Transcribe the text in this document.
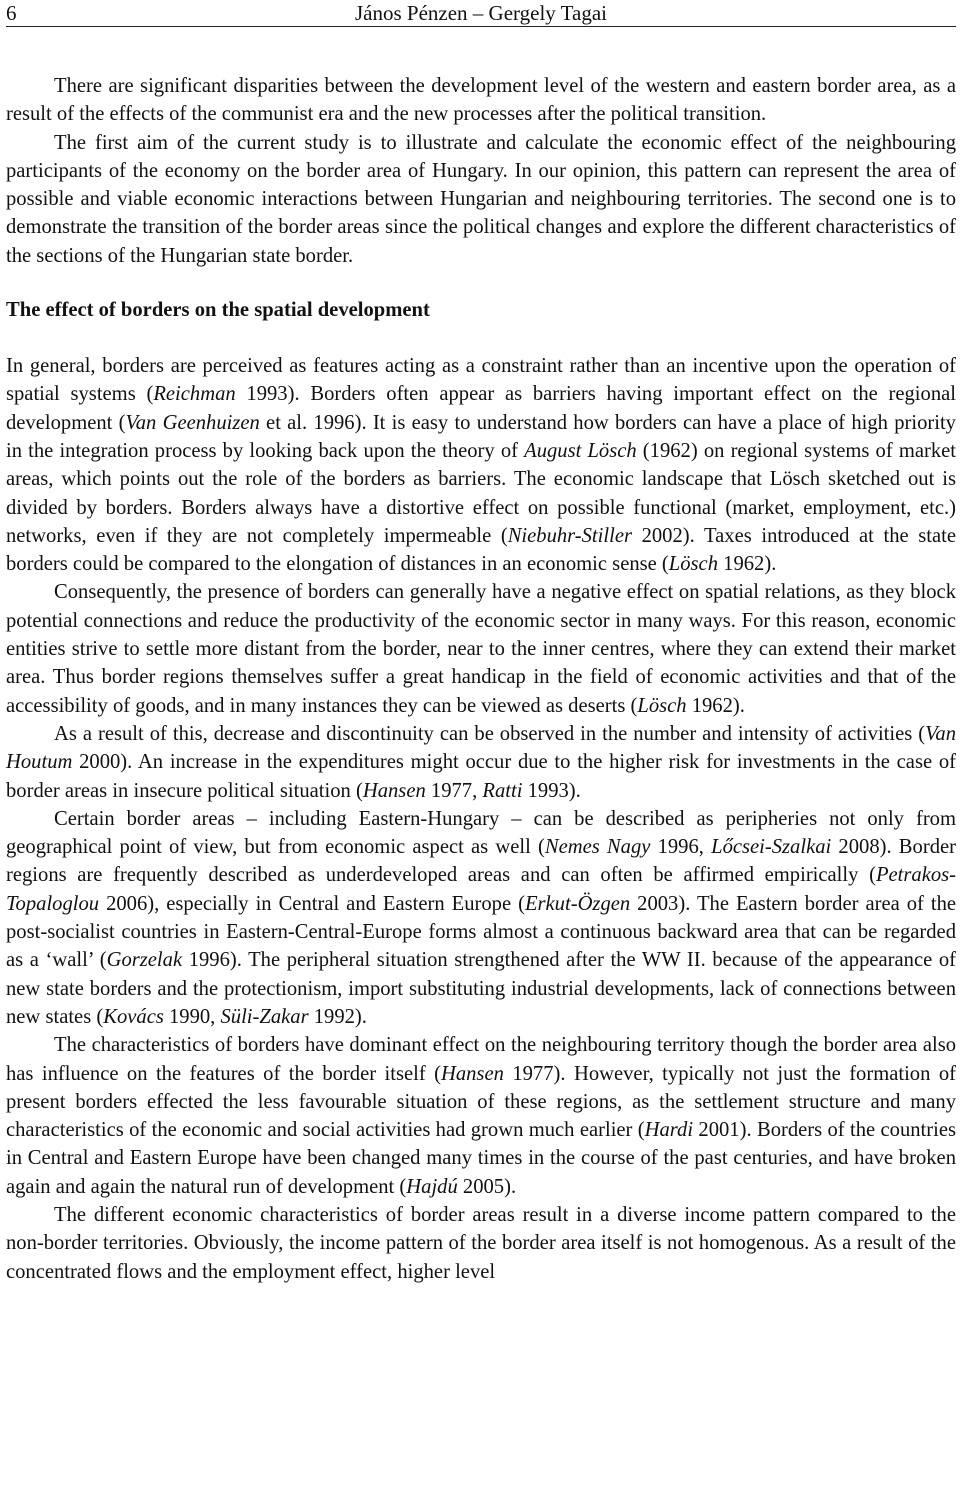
6	János Pénzen – Gergely Tagai

There are significant disparities between the development level of the western and eastern border area, as a result of the effects of the communist era and the new processes after the political transition.

The first aim of the current study is to illustrate and calculate the economic effect of the neighbouring participants of the economy on the border area of Hungary. In our opinion, this pattern can represent the area of possible and viable economic interactions between Hungarian and neighbouring territories. The second one is to demonstrate the transition of the border areas since the political changes and explore the different characteristics of the sections of the Hungarian state border.

The effect of borders on the spatial development

In general, borders are perceived as features acting as a constraint rather than an incentive upon the operation of spatial systems (Reichman 1993). Borders often appear as barriers having important effect on the regional development (Van Geenhuizen et al. 1996). It is easy to understand how borders can have a place of high priority in the integration process by looking back upon the theory of August Lösch (1962) on regional systems of market areas, which points out the role of the borders as barriers. The economic landscape that Lösch sketched out is divided by borders. Borders always have a distortive effect on possible functional (market, employment, etc.) networks, even if they are not completely impermeable (Niebuhr-Stiller 2002). Taxes introduced at the state borders could be compared to the elongation of distances in an economic sense (Lösch 1962).

Consequently, the presence of borders can generally have a negative effect on spatial relations, as they block potential connections and reduce the productivity of the economic sector in many ways. For this reason, economic entities strive to settle more distant from the border, near to the inner centres, where they can extend their market area. Thus border regions themselves suffer a great handicap in the field of economic activities and that of the accessibility of goods, and in many instances they can be viewed as deserts (Lösch 1962).

As a result of this, decrease and discontinuity can be observed in the number and intensity of activities (Van Houtum 2000). An increase in the expenditures might occur due to the higher risk for investments in the case of border areas in insecure political situation (Hansen 1977, Ratti 1993).

Certain border areas – including Eastern-Hungary – can be described as peripheries not only from geographical point of view, but from economic aspect as well (Nemes Nagy 1996, Lőcsei-Szalkai 2008). Border regions are frequently described as underdeveloped areas and can often be affirmed empirically (Petrakos-Topaloglou 2006), especially in Central and Eastern Europe (Erkut-Özgen 2003). The Eastern border area of the post-socialist countries in Eastern-Central-Europe forms almost a continuous backward area that can be regarded as a ‘wall’ (Gorzelak 1996). The peripheral situation strengthened after the WW II. because of the appearance of new state borders and the protectionism, import substituting industrial developments, lack of connections between new states (Kovács 1990, Süli-Zakar 1992).

The characteristics of borders have dominant effect on the neighbouring territory though the border area also has influence on the features of the border itself (Hansen 1977). However, typically not just the formation of present borders effected the less favourable situation of these regions, as the settlement structure and many characteristics of the economic and social activities had grown much earlier (Hardi 2001). Borders of the countries in Central and Eastern Europe have been changed many times in the course of the past centuries, and have broken again and again the natural run of development (Hajdú 2005).

The different economic characteristics of border areas result in a diverse income pattern compared to the non-border territories. Obviously, the income pattern of the border area itself is not homogenous. As a result of the concentrated flows and the employment effect, higher level
